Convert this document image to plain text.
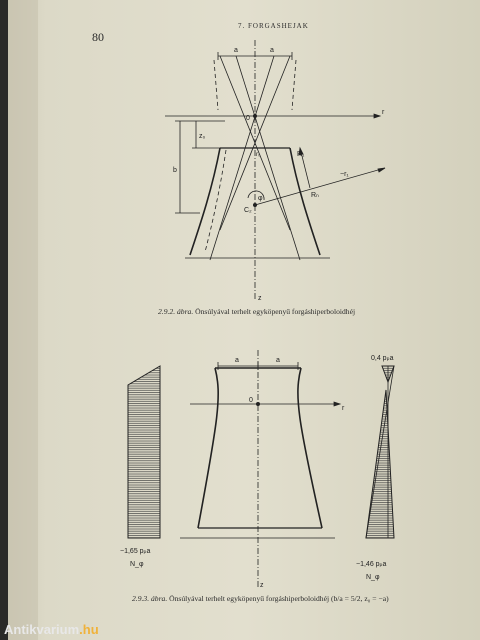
a	a
0
r
z
z₀
b
r₀	R₁
−r₁
C₂
φ	Rₙ
a	a
0
r
z
0,4 pₚa
−1,65 pₚa
N_φ	−1,46 pₚa
N_φ
80
7. FORGASHEJAK
2.9.2. ábra. Önsúlyával terhelt egyköpenyű forgáshiperboloidhéj
2.9.3. ábra. Önsúlyával terhelt egyköpenyű forgáshiperboloidhéj (b/a = 5/2, z₀ = −a)
Antikvarium.hu
